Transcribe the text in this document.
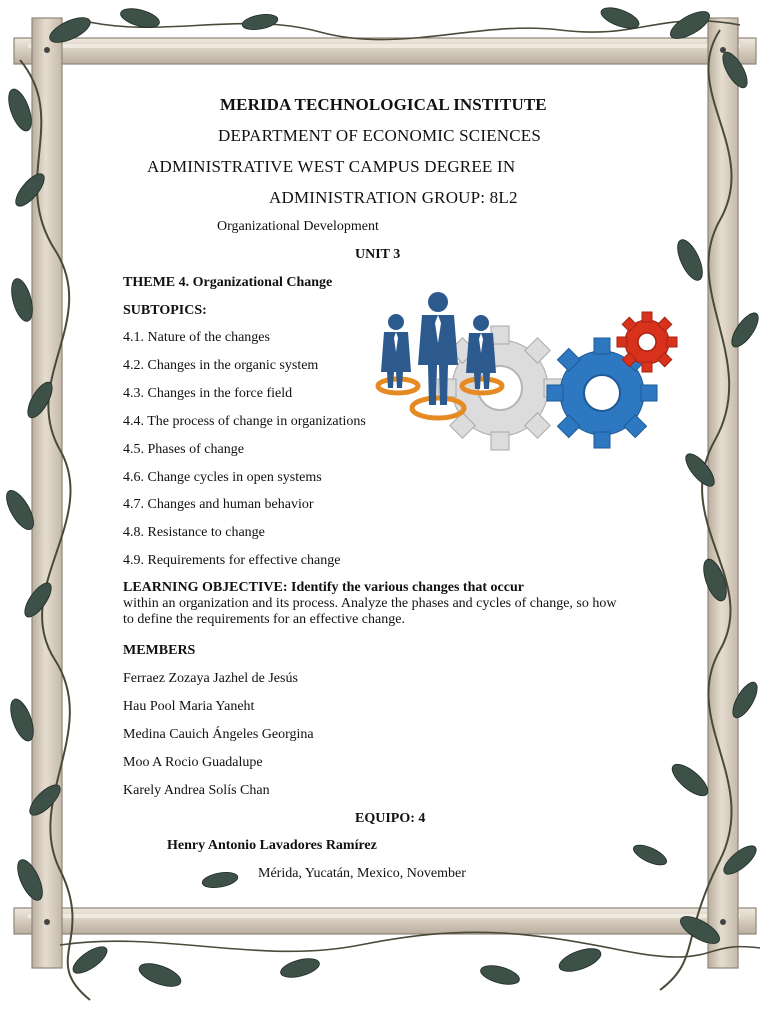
MERIDA TECHNOLOGICAL INSTITUTE
DEPARTMENT OF ECONOMIC SCIENCES
ADMINISTRATIVE WEST CAMPUS DEGREE IN
ADMINISTRATION GROUP: 8L2
Organizational Development
UNIT 3
THEME 4. Organizational Change
SUBTOPICS:
4.1. Nature of the changes
4.2. Changes in the organic system
4.3. Changes in the force field
4.4. The process of change in organizations
4.5. Phases of change
4.6. Change cycles in open systems
4.7. Changes and human behavior
4.8. Resistance to change
4.9. Requirements for effective change
LEARNING OBJECTIVE: Identify the various changes that occur
within an organization and its process. Analyze the phases and cycles of change, so how to define the requirements for an effective change.
MEMBERS
Ferraez Zozaya Jazhel de Jesús
Hau Pool Maria Yaneht
Medina Cauich Ángeles Georgina
Moo A Rocio Guadalupe
Karely Andrea Solís Chan
EQUIPO: 4
Henry Antonio Lavadores Ramírez
Mérida, Yucatán, Mexico, November
